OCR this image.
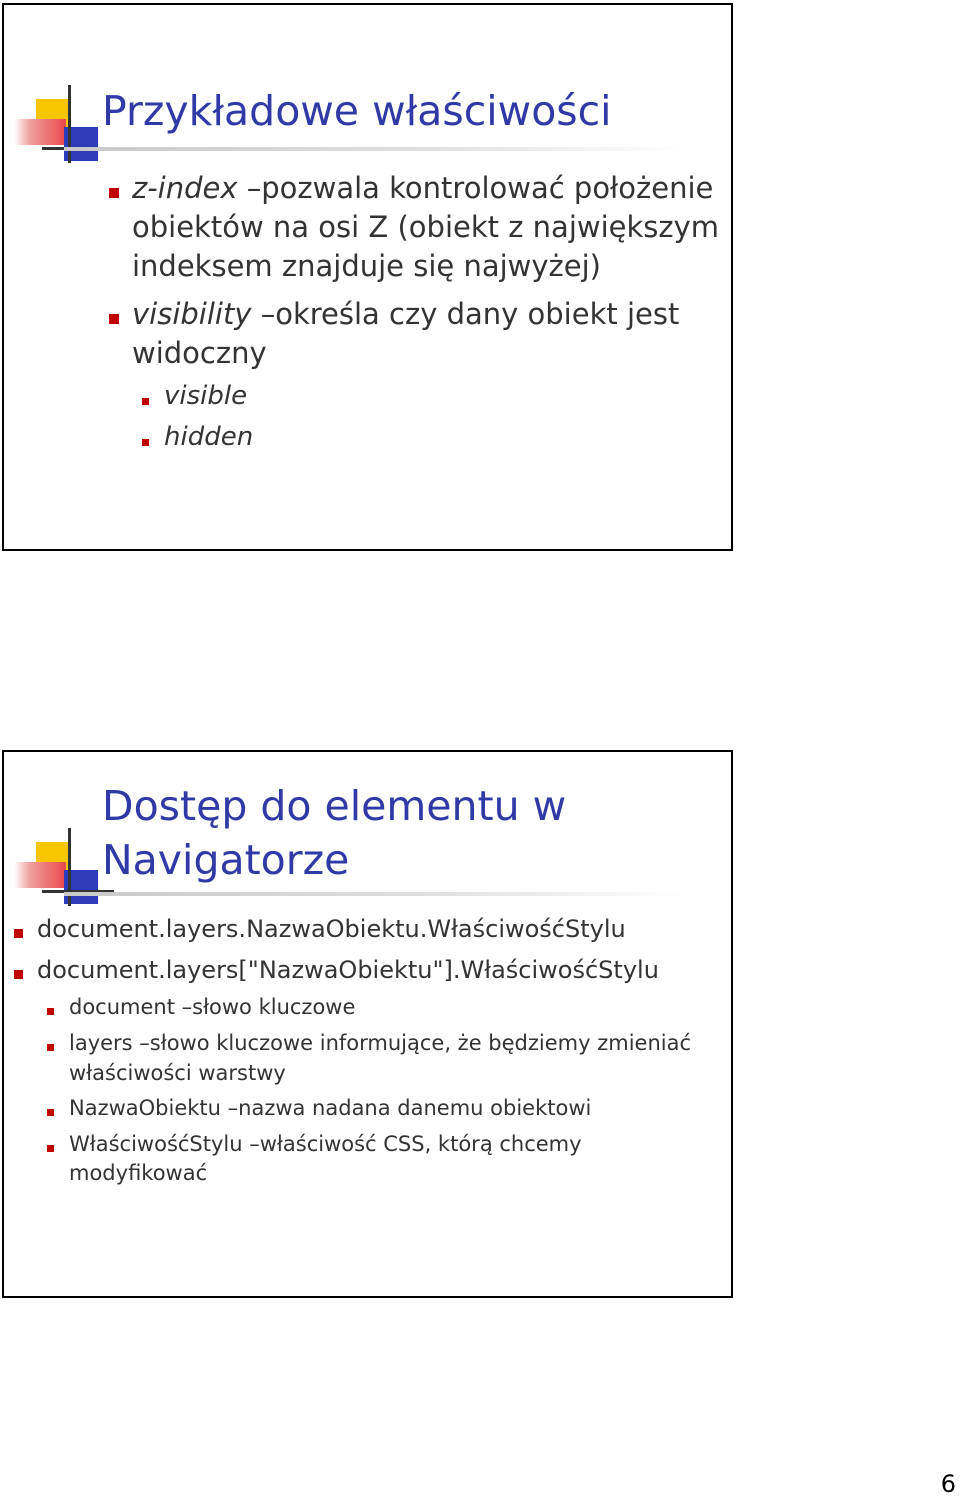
Przykładowe właściwości
z-index –pozwala kontrolować położenie
obiektów na osi Z (obiekt z największym
indeksem znajduje się najwyżej)
visibility –określa czy dany obiekt jest
widoczny
visible
hidden
Dostęp do elementu w
Navigatorze
document.layers.NazwaObiektu.WłaściwośćStylu
document.layers["NazwaObiektu"].WłaściwośćStylu
document –słowo kluczowe
layers –słowo kluczowe informujące, że będziemy zmieniać
właściwości warstwy
NazwaObiektu –nazwa nadana danemu obiektowi
WłaściwośćStylu –właściwość CSS, którą chcemy
modyfikować
6
